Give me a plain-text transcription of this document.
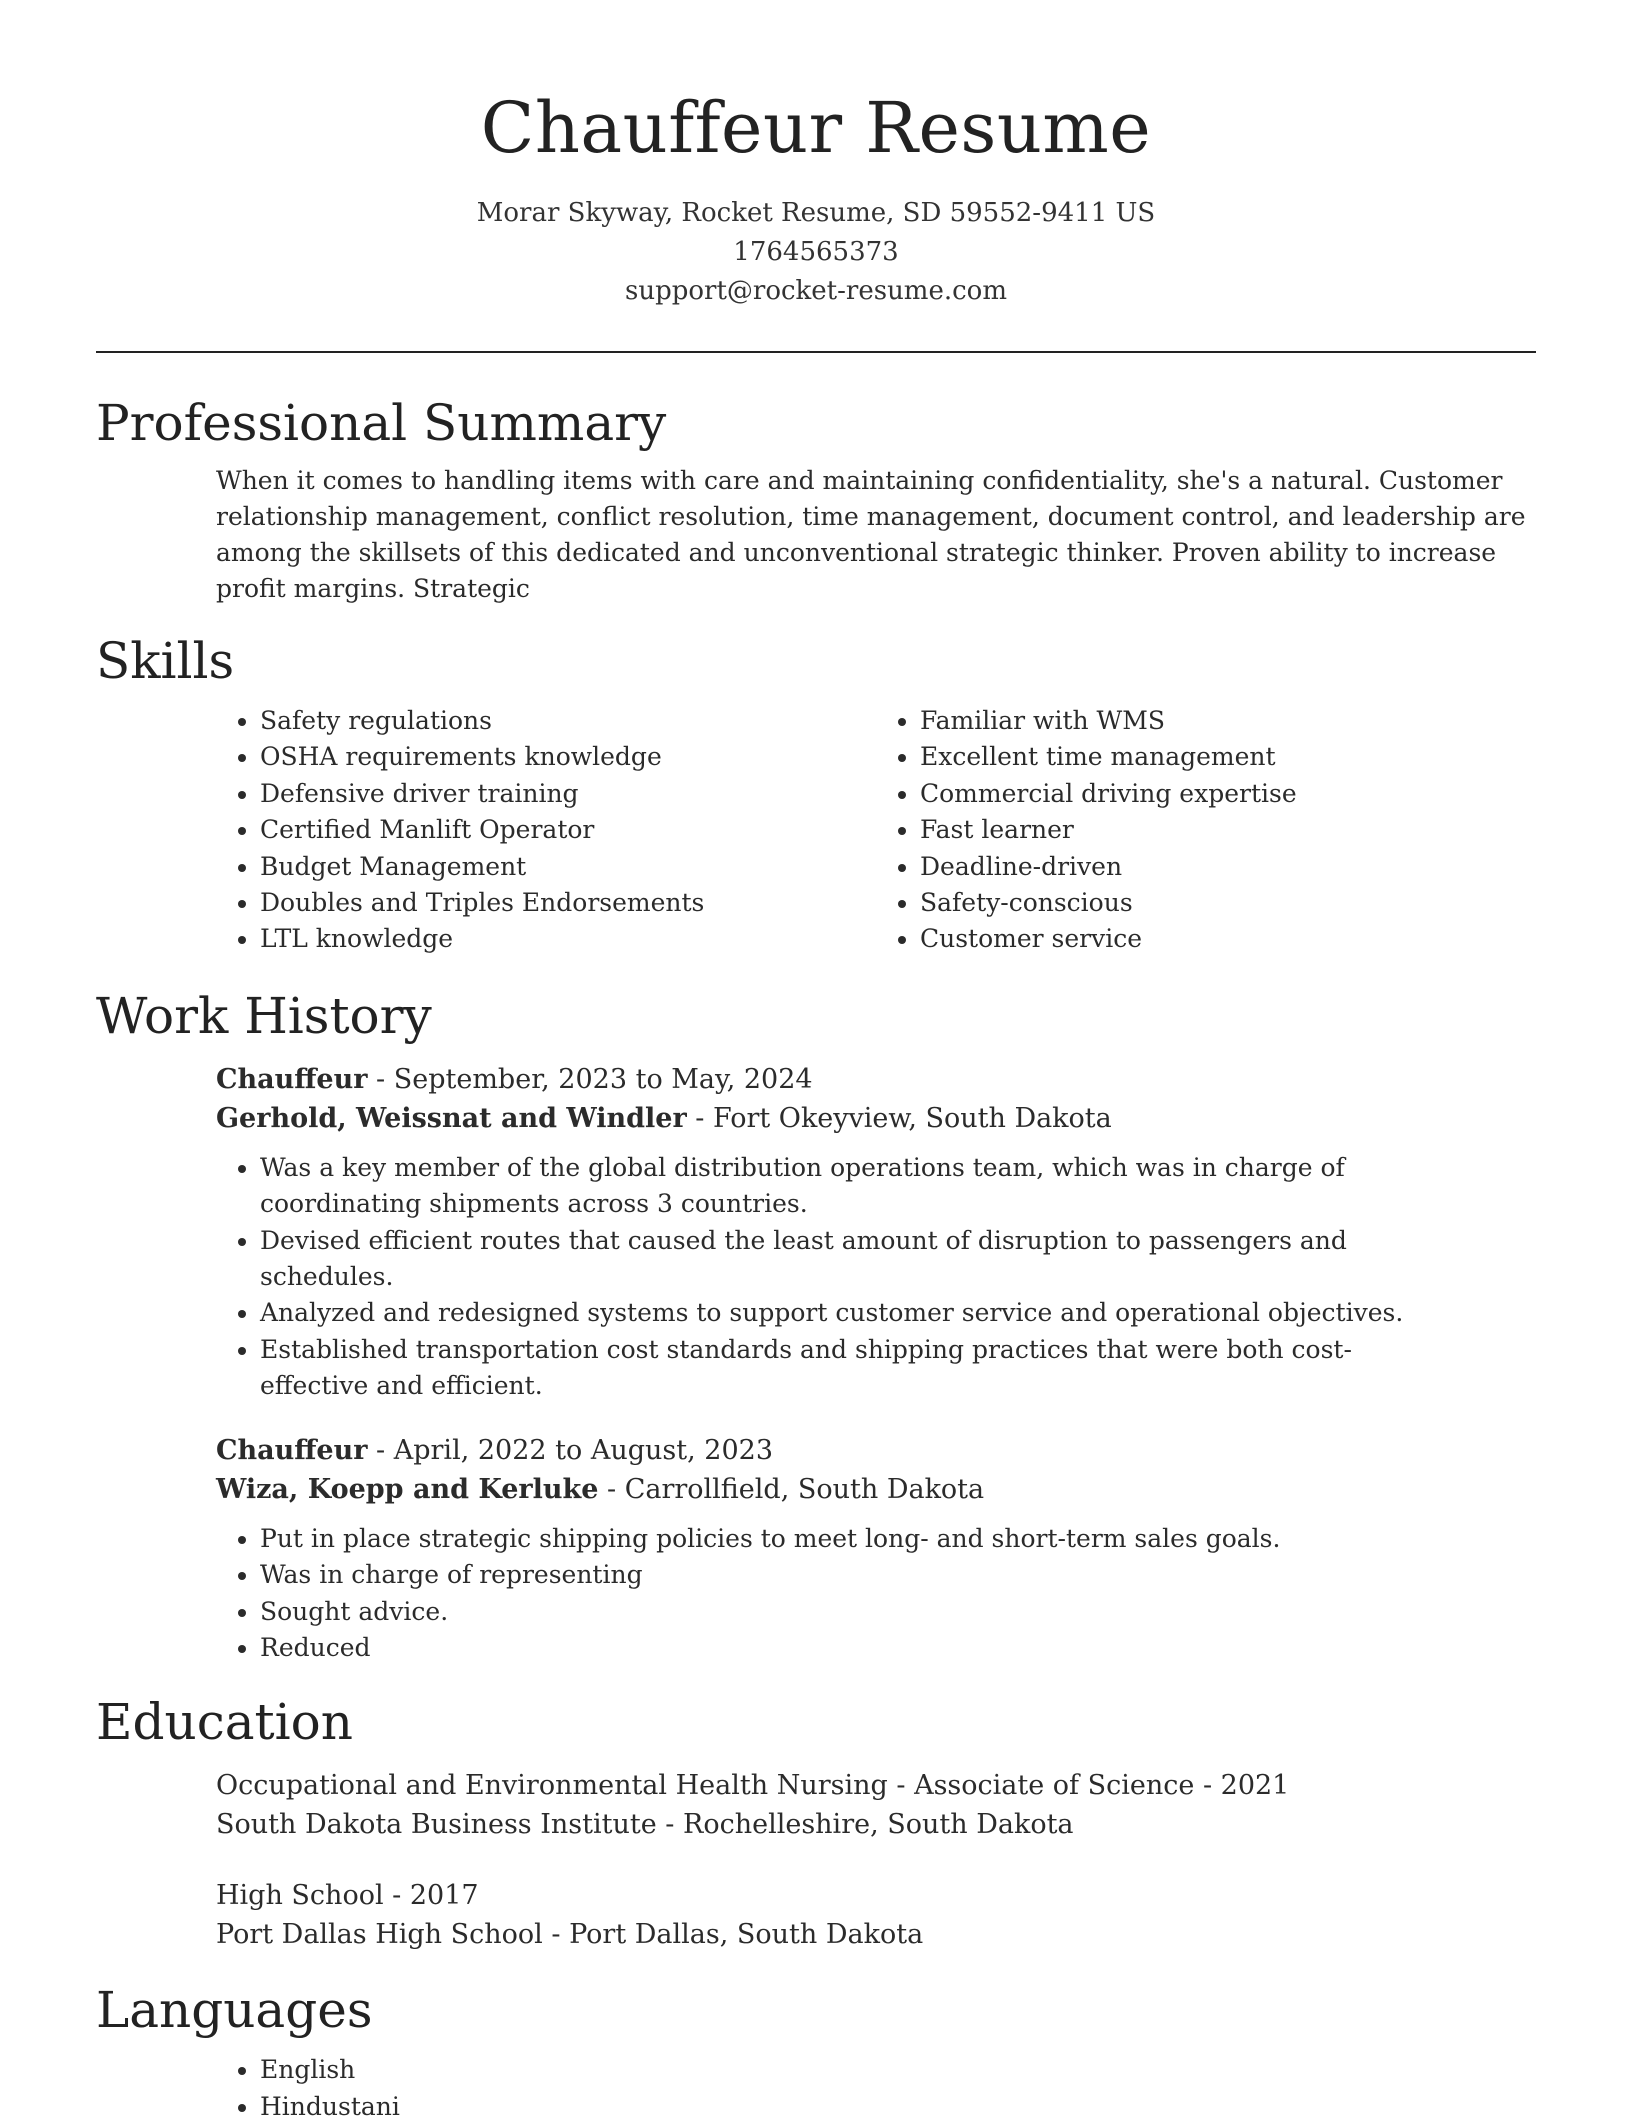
Chauffeur Resume
Morar Skyway, Rocket Resume, SD 59552-9411 US
1764565373
support@rocket-resume.com
Professional Summary
When it comes to handling items with care and maintaining confidentiality, she's a natural. Customer relationship management, conflict resolution, time management, document control, and leadership are among the skillsets of this dedicated and unconventional strategic thinker. Proven ability to increase profit margins. Strategic
Skills
• Safety regulations
• OSHA requirements knowledge
• Defensive driver training
• Certified Manlift Operator
• Budget Management
• Doubles and Triples Endorsements
• LTL knowledge
• Familiar with WMS
• Excellent time management
• Commercial driving expertise
• Fast learner
• Deadline-driven
• Safety-conscious
• Customer service
Work History
Chauffeur - September, 2023 to May, 2024
Gerhold, Weissnat and Windler - Fort Okeyview, South Dakota
• Was a key member of the global distribution operations team, which was in charge of coordinating shipments across 3 countries.
• Devised efficient routes that caused the least amount of disruption to passengers and schedules.
• Analyzed and redesigned systems to support customer service and operational objectives.
• Established transportation cost standards and shipping practices that were both cost-effective and efficient.
Chauffeur - April, 2022 to August, 2023
Wiza, Koepp and Kerluke - Carrollfield, South Dakota
• Put in place strategic shipping policies to meet long- and short-term sales goals.
• Was in charge of representing
• Sought advice.
• Reduced
Education
Occupational and Environmental Health Nursing - Associate of Science - 2021
South Dakota Business Institute - Rochelleshire, South Dakota
High School - 2017
Port Dallas High School - Port Dallas, South Dakota
Languages
• English
• Hindustani
